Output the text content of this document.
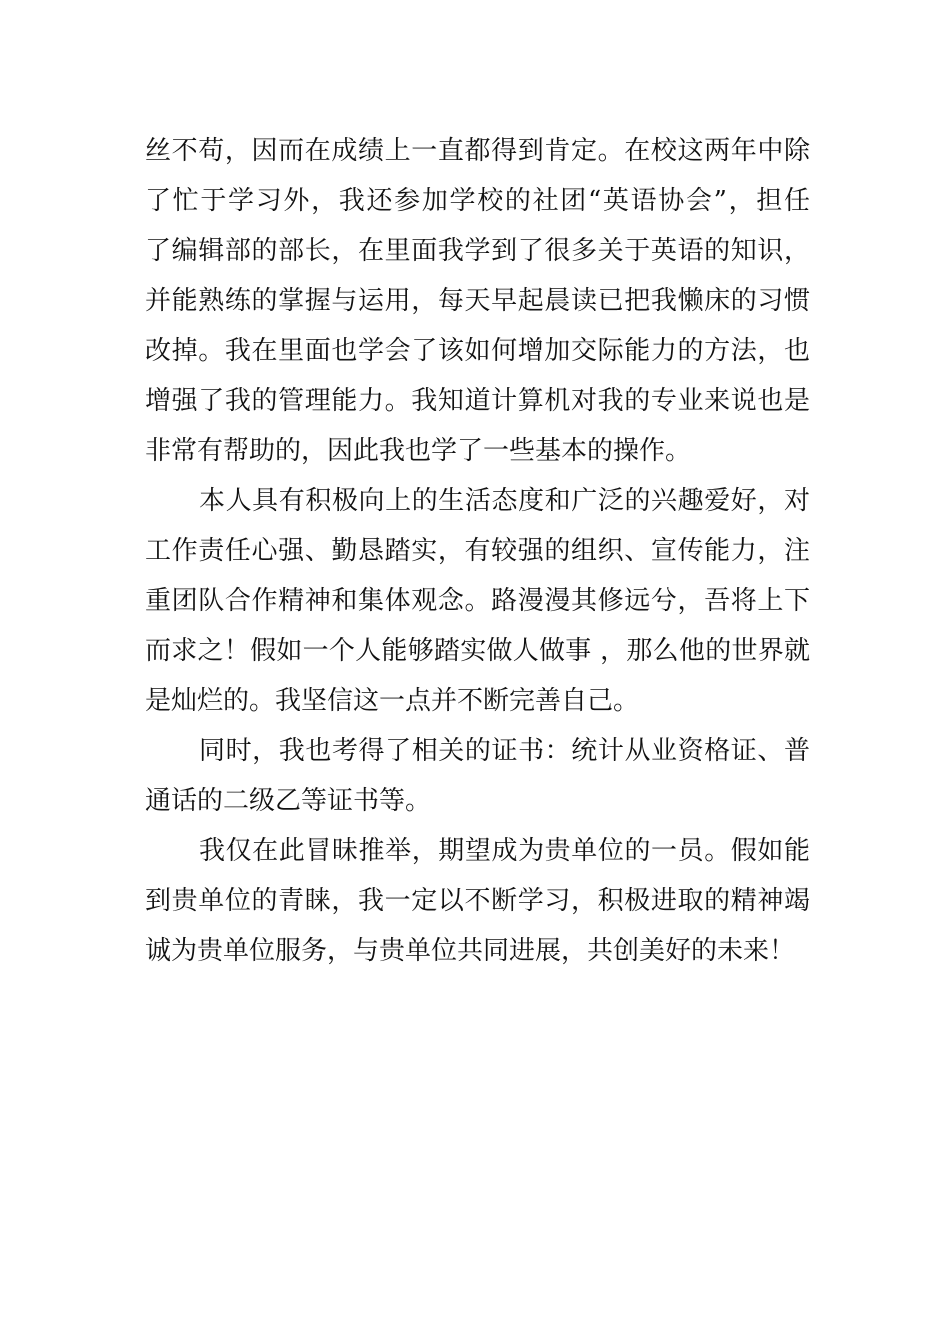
丝不苟，因而在成绩上一直都得到肯定。在校这两年中除
了忙于学习外，我还参加学校的社团“英语协会”，担任
了编辑部的部长，在里面我学到了很多关于英语的知识，
并能熟练的掌握与运用，每天早起晨读已把我懒床的习惯
改掉。我在里面也学会了该如何增加交际能力的方法，也
增强了我的管理能力。我知道计算机对我的专业来说也是
非常有帮助的，因此我也学了一些基本的操作。
本人具有积极向上的生活态度和广泛的兴趣爱好，对
工作责任心强、勤恳踏实，有较强的组织、宣传能力，注
重团队合作精神和集体观念。路漫漫其修远兮，吾将上下
而求之！假如一个人能够踏实做人做事 ，那么他的世界就
是灿烂的。我坚信这一点并不断完善自己。
同时，我也考得了相关的证书：统计从业资格证、普
通话的二级乙等证书等。
我仅在此冒昧推举，期望成为贵单位的一员。假如能
到贵单位的青睐，我一定以不断学习，积极进取的精神竭
诚为贵单位服务，与贵单位共同进展，共创美好的未来！
